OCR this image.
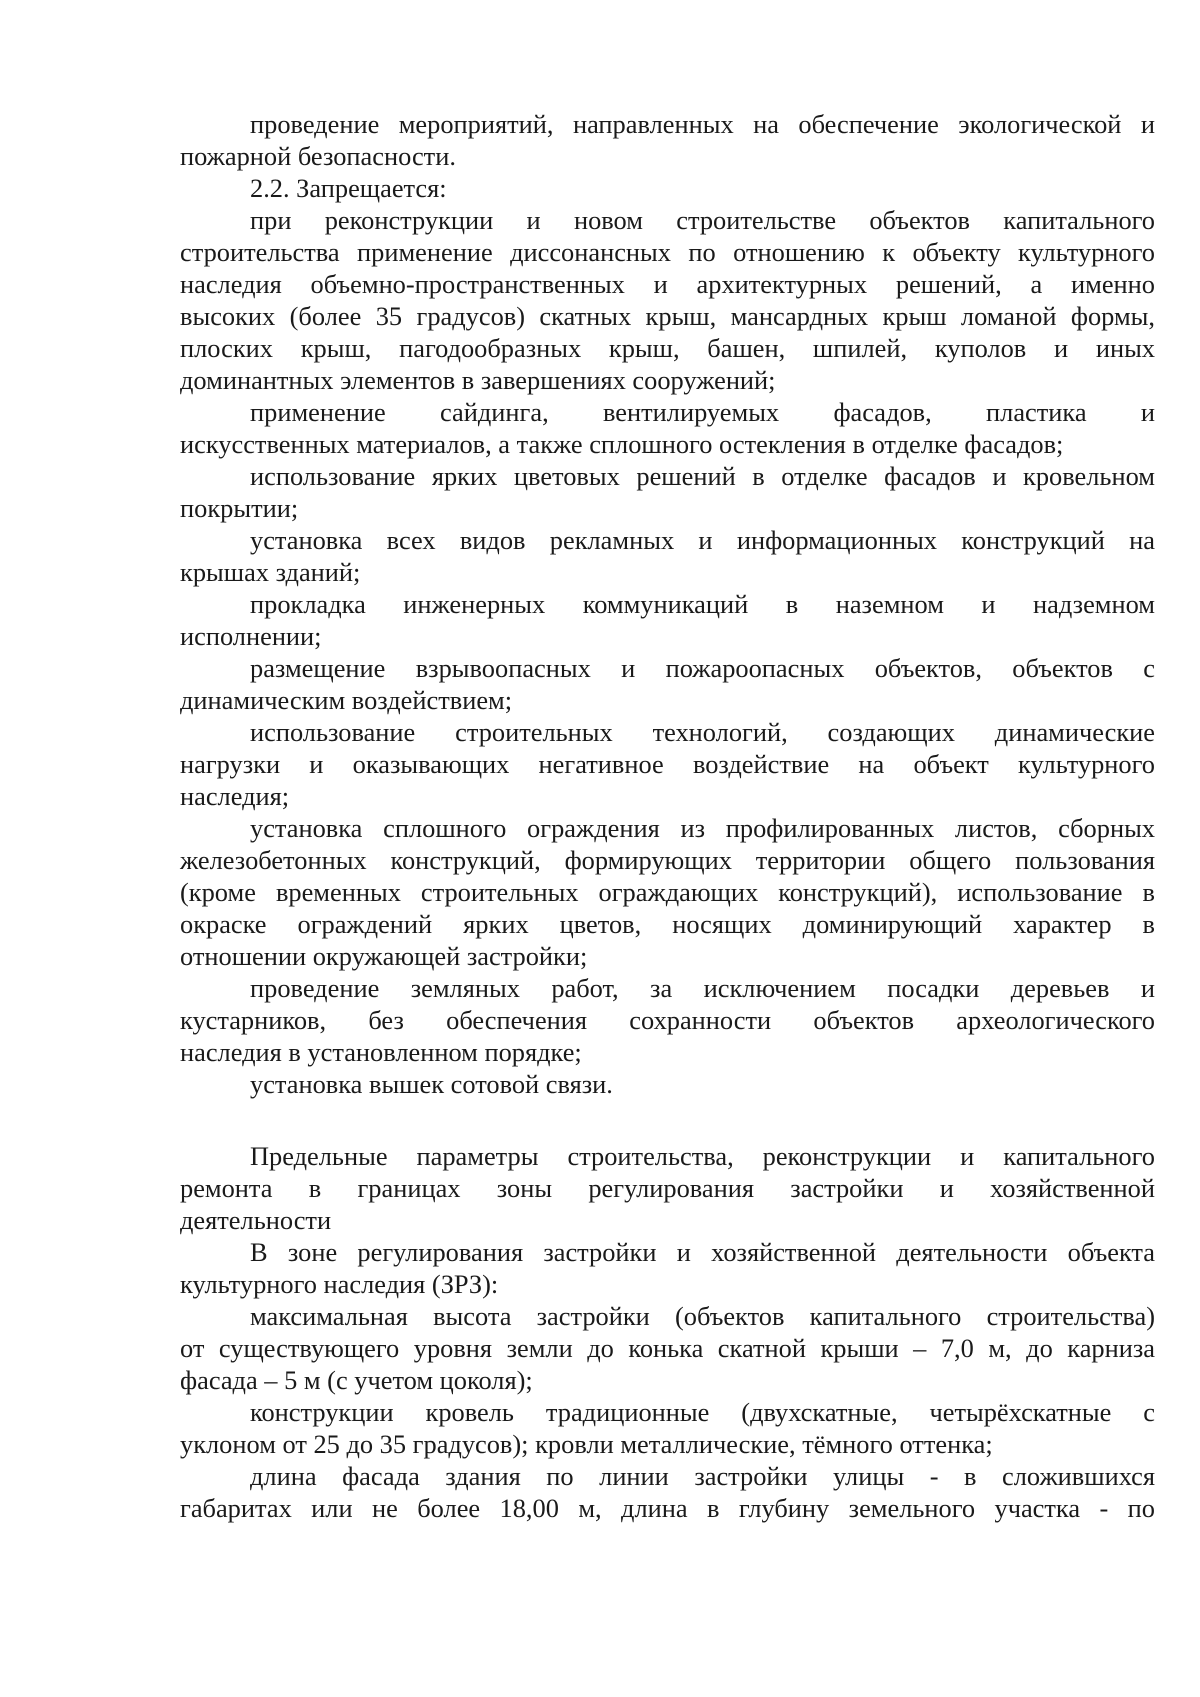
проведение мероприятий, направленных на обеспечение экологической и
пожарной безопасности.
2.2. Запрещается:
при реконструкции и новом строительстве объектов капитального
строительства применение диссонансных по отношению к объекту культурного
наследия объемно-пространственных и архитектурных решений, а именно
высоких (более 35 градусов) скатных крыш, мансардных крыш ломаной формы,
плоских крыш, пагодообразных крыш, башен, шпилей, куполов и иных
доминантных элементов в завершениях сооружений;
применение сайдинга, вентилируемых фасадов, пластика и
искусственных материалов, а также сплошного остекления в отделке фасадов;
использование ярких цветовых решений в отделке фасадов и кровельном
покрытии;
установка всех видов рекламных и информационных конструкций на
крышах зданий;
прокладка инженерных коммуникаций в наземном и надземном
исполнении;
размещение взрывоопасных и пожароопасных объектов, объектов с
динамическим воздействием;
использование строительных технологий, создающих динамические
нагрузки и оказывающих негативное воздействие на объект культурного
наследия;
установка сплошного ограждения из профилированных листов, сборных
железобетонных конструкций, формирующих территории общего пользования
(кроме временных строительных ограждающих конструкций), использование в
окраске ограждений ярких цветов, носящих доминирующий характер в
отношении окружающей застройки;
проведение земляных работ, за исключением посадки деревьев и
кустарников, без обеспечения сохранности объектов археологического
наследия в установленном порядке;
установка вышек сотовой связи.
Предельные параметры строительства, реконструкции и капитального
ремонта в границах зоны регулирования застройки и хозяйственной
деятельности
В зоне регулирования застройки и хозяйственной деятельности объекта
культурного наследия (ЗРЗ):
максимальная высота застройки (объектов капитального строительства)
от существующего уровня земли до конька скатной крыши – 7,0 м, до карниза
фасада – 5 м (с учетом цоколя);
конструкции кровель традиционные (двухскатные, четырёхскатные с
уклоном от 25 до 35 градусов); кровли металлические, тёмного оттенка;
длина фасада здания по линии застройки улицы - в сложившихся
габаритах или не более 18,00 м, длина в глубину земельного участка - по
